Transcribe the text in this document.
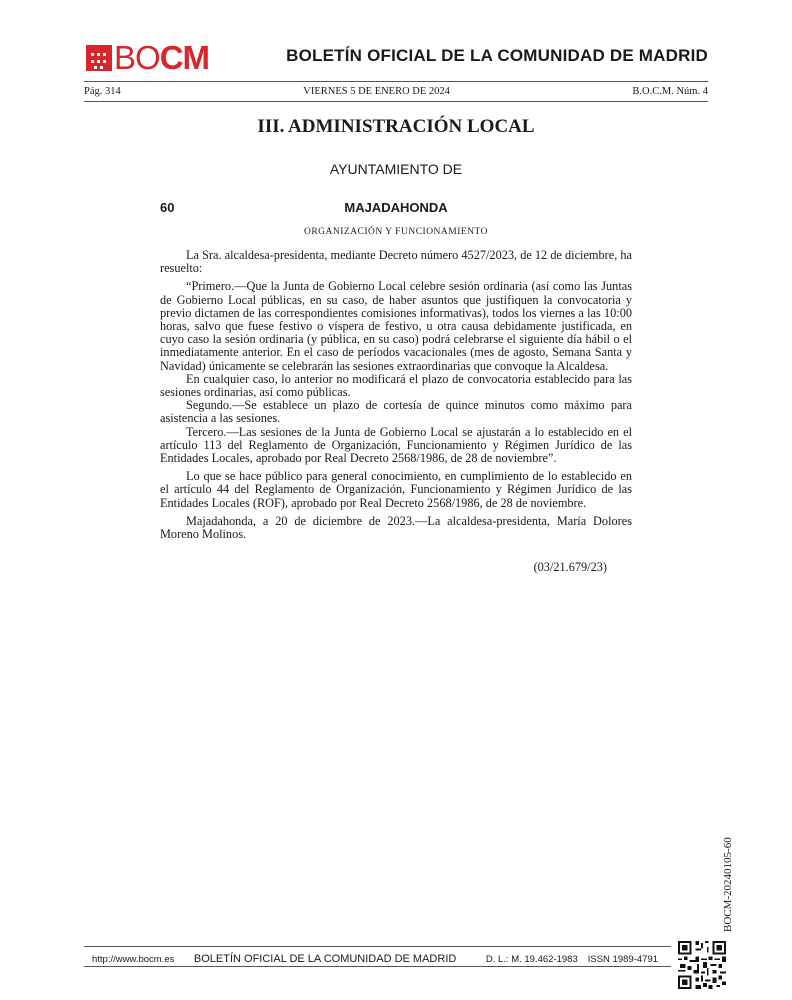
BOCM	BOLETÍN OFICIAL DE LA COMUNIDAD DE MADRID
Pág. 314	VIERNES 5 DE ENERO DE 2024	B.O.C.M. Núm. 4
III. ADMINISTRACIÓN LOCAL
AYUNTAMIENTO DE
60	MAJADAHONDA
ORGANIZACIÓN Y FUNCIONAMIENTO

La Sra. alcaldesa-presidenta, mediante Decreto número 4527/2023, de 12 de diciembre, ha resuelto:

“Primero.—Que la Junta de Gobierno Local celebre sesión ordinaria (así como las Juntas de Gobierno Local públicas, en su caso, de haber asuntos que justifiquen la convocatoria y previo dictamen de las correspondientes comisiones informativas), todos los viernes a las 10:00 horas, salvo que fuese festivo o víspera de festivo, u otra causa debidamente justificada, en cuyo caso la sesión ordinaria (y pública, en su caso) podrá celebrarse el siguiente día hábil o el inmediatamente anterior. En el caso de períodos vacacionales (mes de agosto, Semana Santa y Navidad) únicamente se celebrarán las sesiones extraordinarias que convoque la Alcaldesa.

En cualquier caso, lo anterior no modificará el plazo de convocatoria establecido para las sesiones ordinarias, así como públicas.

Segundo.—Se establece un plazo de cortesía de quince minutos como máximo para asistencia a las sesiones.

Tercero.—Las sesiones de la Junta de Gobierno Local se ajustarán a lo establecido en el artículo 113 del Reglamento de Organización, Funcionamiento y Régimen Jurídico de las Entidades Locales, aprobado por Real Decreto 2568/1986, de 28 de noviembre”.

Lo que se hace público para general conocimiento, en cumplimiento de lo establecido en el artículo 44 del Reglamento de Organización, Funcionamiento y Régimen Jurídico de las Entidades Locales (ROF), aprobado por Real Decreto 2568/1986, de 28 de noviembre.

Majadahonda, a 20 de diciembre de 2023.—La alcaldesa-presidenta, María Dolores Moreno Molinos.

(03/21.679/23)
BOCM-20240105-60
http://www.bocm.es BOLETÍN OFICIAL DE LA COMUNIDAD DE MADRID	D. L.: M. 19.462-1983 ISSN 1989-4791
